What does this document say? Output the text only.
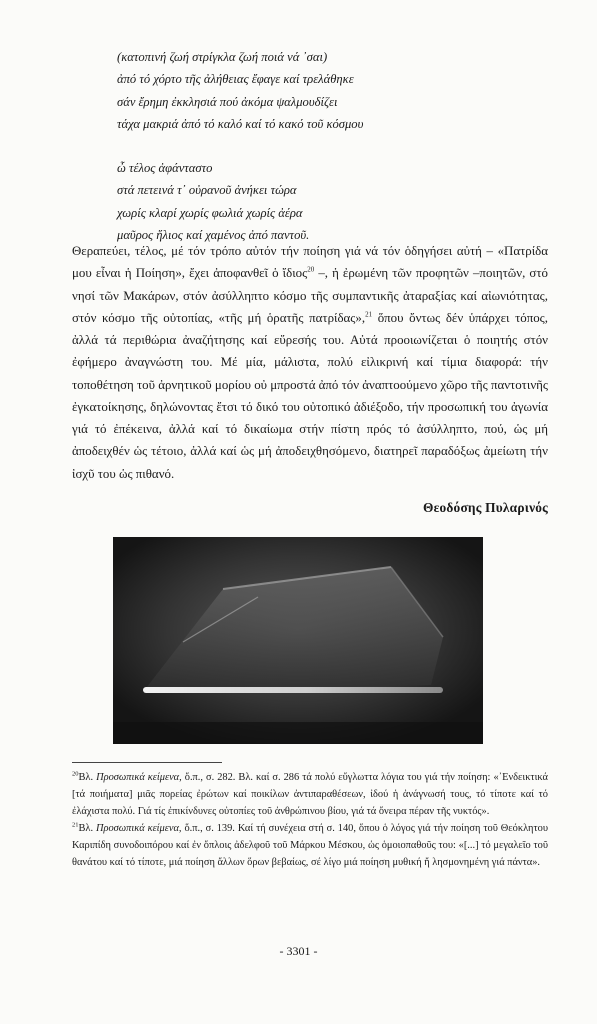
(κατοπινή ζωή στρίγκλα ζωή ποιά νά ᾿σαι)
ἀπό τό χόρτο τῆς ἀλήθειας ἔφαγε καί τρελάθηκε
σάν ἔρημη ἐκκλησιά πού ἀκόμα ψαλμουδίζει
τάχα μακριά ἀπό τό καλό καί τό κακό τοῦ κόσμου
ὦ τέλος ἀφάνταστο
στά πετεινά τ᾿ οὐρανοῦ ἀνήκει τώρα
χωρίς κλαρί χωρίς φωλιά χωρίς ἀέρα
μαῦρος ἥλιος καί χαμένος ἀπό παντοῦ.

Θεραπεύει, τέλος, μέ τόν τρόπο αὐτόν τήν ποίηση γιά νά τόν ὁδηγήσει αὐτή – «Πατρίδα μου εἶναι ἡ Ποίηση», ἔχει ἀποφανθεῖ ὁ ἴδιος$^{20}$ –, ἡ ἐρωμένη τῶν προφητῶν –ποιητῶν, στό νησί τῶν Μακάρων, στόν ἀσύλληπτο κόσμο τῆς συμπαντικῆς ἀταραξίας καί αἰωνιότητας, στόν κόσμο τῆς οὐτοπίας, «τῆς μή ὁρατῆς πατρίδας»,$^{21}$ ὅπου ὄντως δέν ὑπάρχει τόπος, ἀλλά τά περιθώρια ἀναζήτησης καί εὕρεσής του. Αὐτά προοιωνίζεται ὁ ποιητής στόν ἐφήμερο ἀναγνώστη του. Μέ μία, μάλιστα, πολύ εἰλικρινή καί τίμια διαφορά: τήν τοποθέτηση τοῦ ἀρνητικοῦ μορίου οὐ μπροστά ἀπό τόν ἀναπτοούμενο χῶρο τῆς παντοτινῆς ἐγκατοίκησης, δηλώνοντας ἔτσι τό δικό του οὐτοπικό ἀδιέξοδο, τήν προσωπική του ἀγωνία γιά τό ἐπέκεινα, ἀλλά καί τό δικαίωμα στήν πίστη πρός τό ἀσύλληπτο, πού, ὡς μή ἀποδειχθέν ὡς τέτοιο, ἀλλά καί ὡς μή ἀποδειχθησόμενο, διατηρεῖ παραδόξως ἀμείωτη τήν ἰσχῦ του ὡς πιθανό.

Θεοδόσης Πυλαρινός

$^{20}$Βλ. Προσωπικά κείμενα, ὅ.π., σ. 282. Βλ. καί σ. 286 τά πολύ εὔγλωττα λόγια του γιά τήν ποίηση: «᾿Ενδεικτικά [τά ποιήματα] μιᾶς πορείας ἐρώτων καί ποικίλων ἀντιπαραθέσεων, ἰδού ἡ ἀνάγνωσή τους, τό τίποτε καί τό ἐλάχιστα πολύ. Γιά τίς ἐπικίνδυνες οὐτοπίες τοῦ ἀνθρώπινου βίου, γιά τά ὄνειρα πέραν τῆς νυκτός».

$^{21}$Βλ. Προσωπικά κείμενα, ὅ.π., σ. 139. Καί τή συνέχεια στή σ. 140, ὅπου ὁ λόγος γιά τήν ποίηση τοῦ Θεόκλητου Καριπίδη συνοδοιπόρου καί ἐν ὅπλοις ἀδελφοῦ τοῦ Μάρκου Μέσκου, ὡς ὁμοιοπαθοῦς του: «[...] τό μεγαλεῖο τοῦ θανάτου καί τό τίποτε, μιά ποίηση ἄλλων ὅρων βεβαίως, σέ λίγο μιά ποίηση μυθική ἤ λησμονημένη γιά πάντα».

- 3301 -
